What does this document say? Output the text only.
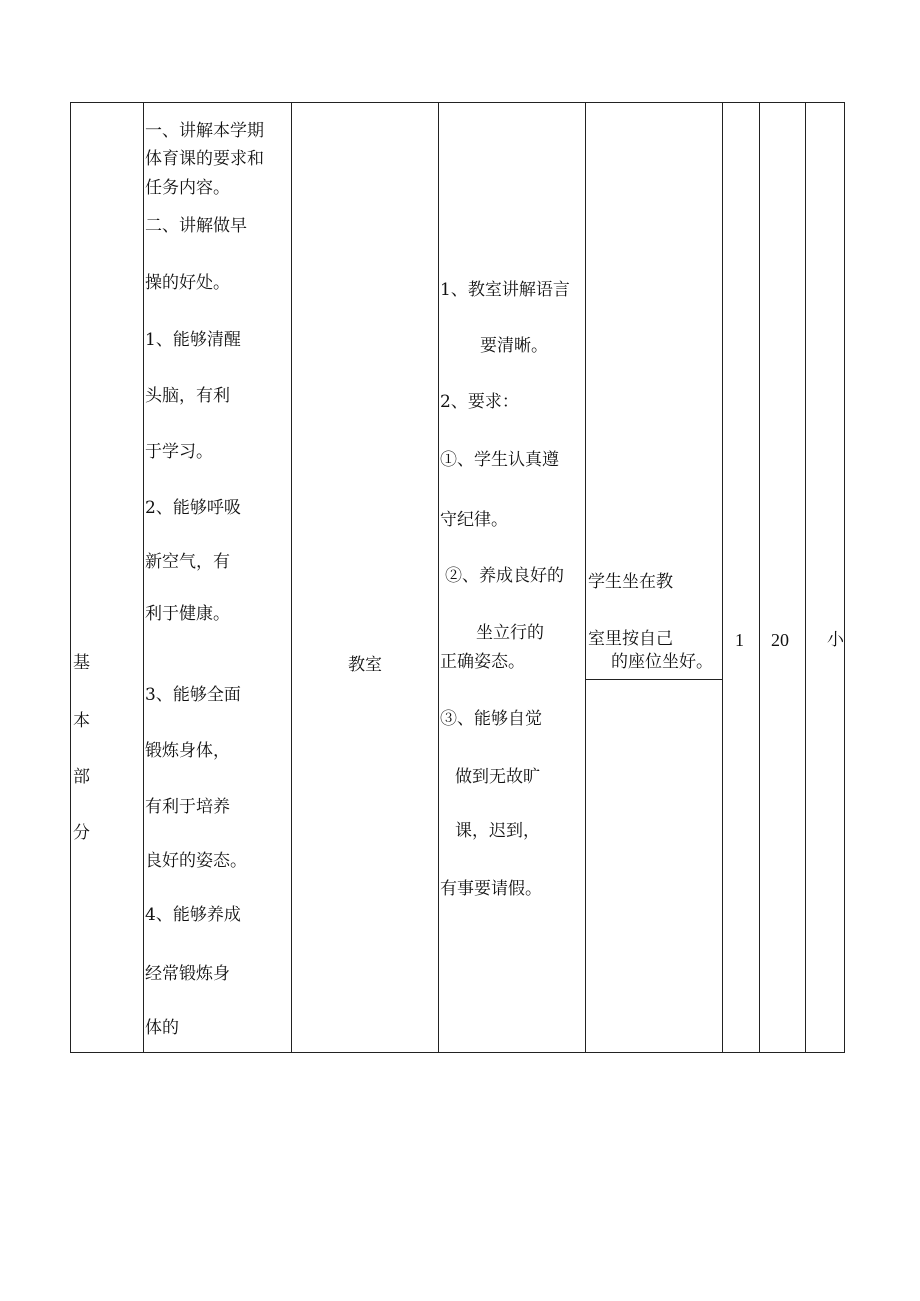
基
本
部
分
一、讲解本学期
体育课的要求和
任务内容。
二、讲解做早
操的好处。
1、能够清醒
头脑，有利
于学习。
2、能够呼吸
新空气，有
利于健康。
3、能够全面
锻炼身体，
有利于培养
良好的姿态。
4、能够养成
经常锻炼身
体的
教室
1、教室讲解语言
要清晰。
2、要求：
①、学生认真遵
守纪律。
②、养成良好的
坐立行的
正确姿态。
③、能够自觉
做到无故旷
课，迟到，
有事要请假。
学生坐在教
室里按自己
的座位坐好。
1 20 小
